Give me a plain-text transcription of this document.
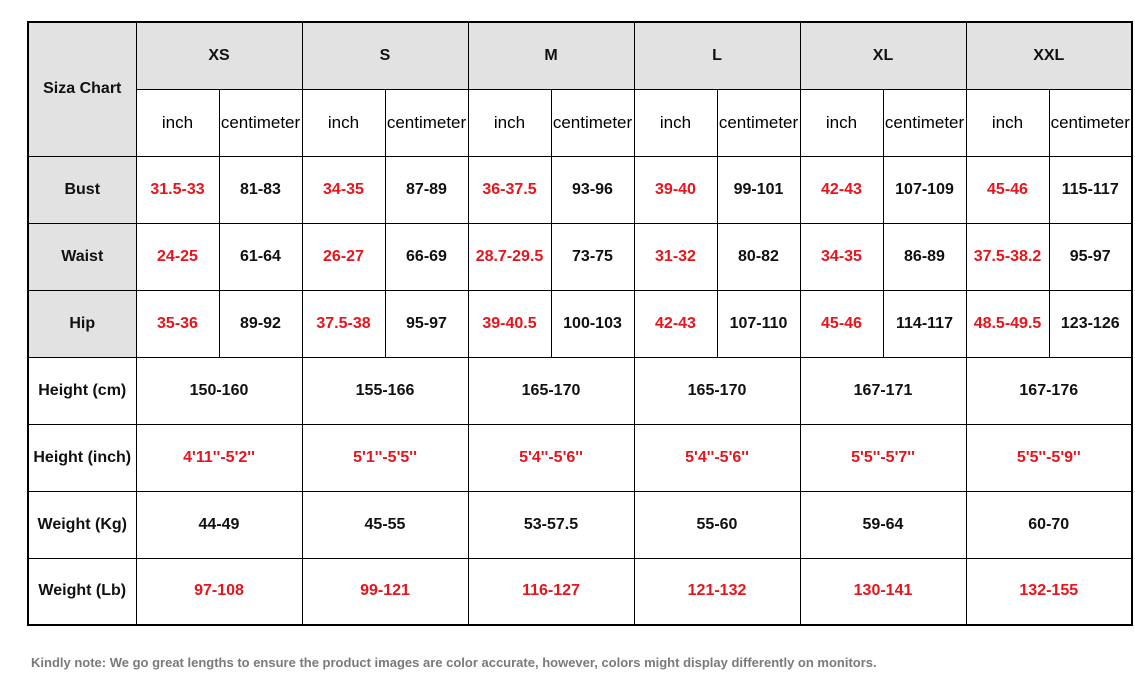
Siza Chart	XS		S		M		L		XL		XXL	
	inch	centimeter	inch	centimeter	inch	centimeter	inch	centimeter	inch	centimeter	inch	centimeter
Bust	31.5-33	81-83	34-35	87-89	36-37.5	93-96	39-40	99-101	42-43	107-109	45-46	115-117
Waist	24-25	61-64	26-27	66-69	28.7-29.5	73-75	31-32	80-82	34-35	86-89	37.5-38.2	95-97
Hip	35-36	89-92	37.5-38	95-97	39-40.5	100-103	42-43	107-110	45-46	114-117	48.5-49.5	123-126
Height (cm)	150-160		155-166		165-170		165-170		167-171		167-176	
Height (inch)	4'11''-5'2''		5'1''-5'5''		5'4''-5'6''		5'4''-5'6''		5'5''-5'7''		5'5''-5'9''	
Weight (Kg)	44-49		45-55		53-57.5		55-60		59-64		60-70	
Weight (Lb)	97-108		99-121		116-127		121-132		130-141		132-155	
Kindly note: We go great lengths to ensure the product images are color accurate, however, colors might display differently on monitors.
